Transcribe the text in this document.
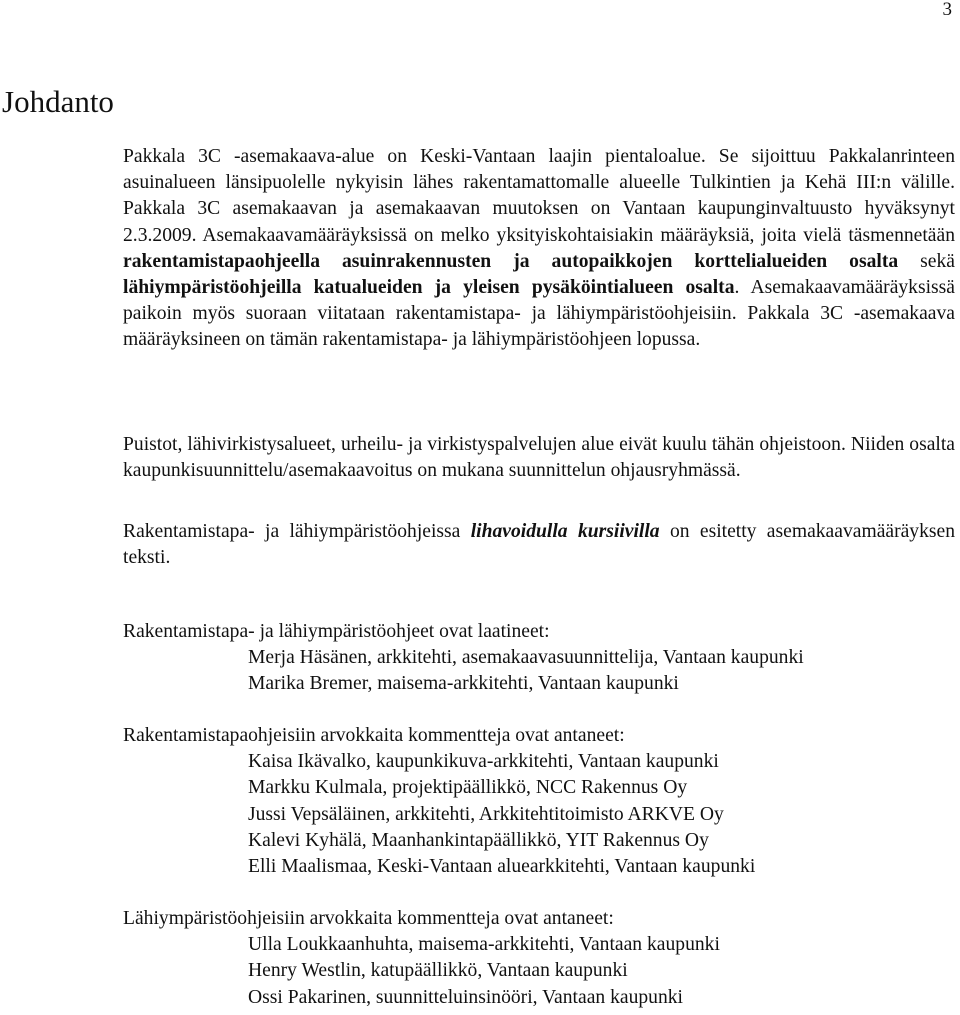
3
Johdanto

Pakkala 3C -asemakaava-alue on Keski-Vantaan laajin pientaloalue. Se sijoittuu Pakkalanrinteen asuinalueen länsipuolelle nykyisin lähes rakentamattomalle alueelle Tulkintien ja Kehä III:n välille. Pakkala 3C asemakaavan ja asemakaavan muutoksen on Vantaan kaupunginvaltuusto hyväksynyt 2.3.2009. Asemakaavamääräyksissä on melko yksityiskohtaisiakin määräyksiä, joita vielä täsmennetään rakentamistapaohjeella asuinrakennusten ja autopaikkojen korttelialueiden osalta sekä lähiympäristöohjeilla katualueiden ja yleisen pysäköintialueen osalta. Asemakaavamääräyksissä paikoin myös suoraan viitataan rakentamistapa- ja lähiympäristöohjeisiin. Pakkala 3C -asemakaava määräyksineen on tämän rakentamistapa- ja lähiympäristöohjeen lopussa.

Puistot, lähivirkistysalueet, urheilu- ja virkistyspalvelujen alue eivät kuulu tähän ohjeistoon. Niiden osalta kaupunkisuunnittelu/asemakaavoitus on mukana suunnittelun ohjausryhmässä.

Rakentamistapa- ja lähiympäristöohjeissa lihavoidulla kursiivilla on esitetty asemakaavamääräyksen teksti.

Rakentamistapa- ja lähiympäristöohjeet ovat laatineet:
Merja Häsänen, arkkitehti, asemakaavasuunnittelija, Vantaan kaupunki
Marika Bremer, maisema-arkkitehti, Vantaan kaupunki
Rakentamistapaohjeisiin arvokkaita kommentteja ovat antaneet:
Kaisa Ikävalko, kaupunkikuva-arkkitehti, Vantaan kaupunki
Markku Kulmala, projektipäällikkö, NCC Rakennus Oy
Jussi Vepsäläinen, arkkitehti, Arkkitehtitoimisto ARKVE Oy
Kalevi Kyhälä, Maanhankintapäällikkö, YIT Rakennus Oy
Elli Maalismaa, Keski-Vantaan aluearkkitehti, Vantaan kaupunki
Lähiympäristöohjeisiin arvokkaita kommentteja ovat antaneet:
Ulla Loukkaanhuhta, maisema-arkkitehti, Vantaan kaupunki
Henry Westlin, katupäällikkö, Vantaan kaupunki
Ossi Pakarinen, suunnitteluinsinööri, Vantaan kaupunki
